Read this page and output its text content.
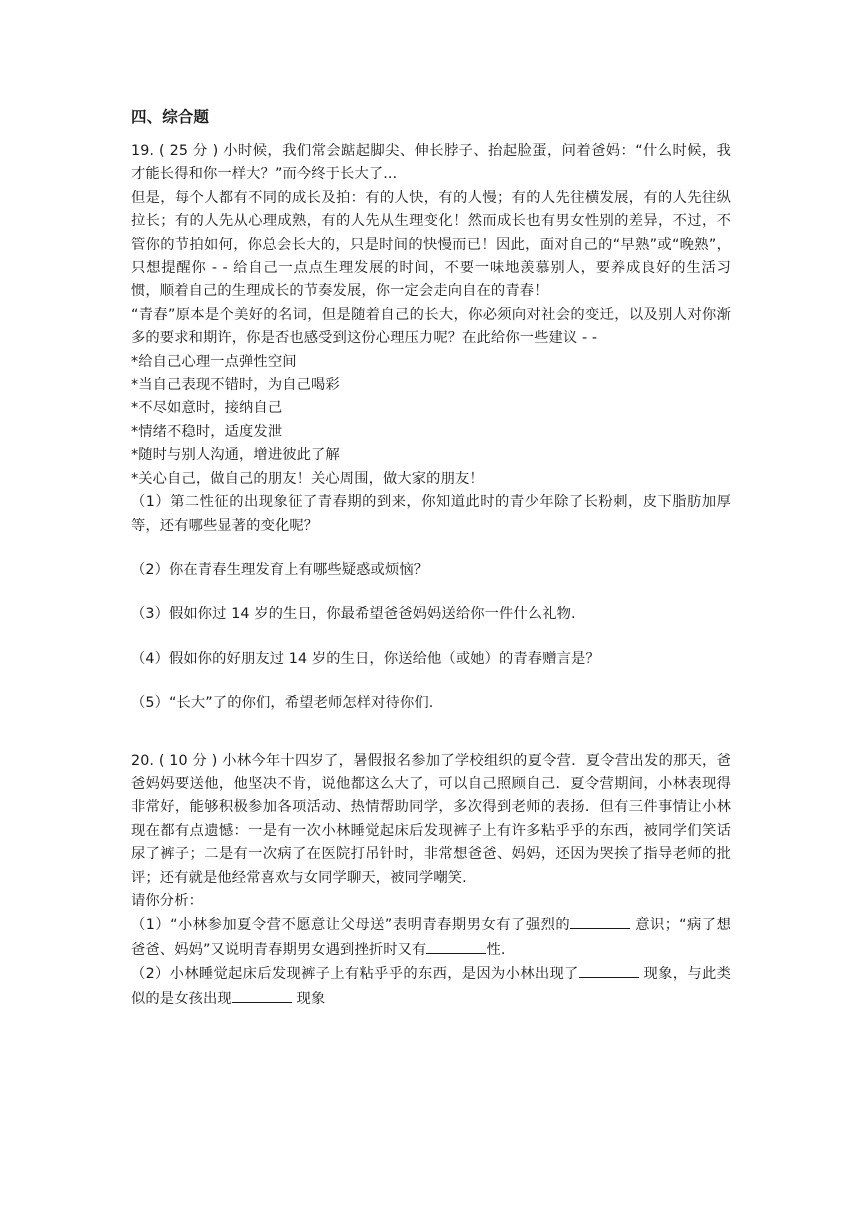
四、综合题

19. ( 25 分 ) 小时候，我们常会踮起脚尖、伸长脖子、抬起脸蛋，问着爸妈：“什么时候，我才能长得和你一样大？”而今终于长大了...

但是，每个人都有不同的成长及拍：有的人快，有的人慢；有的人先往横发展，有的人先往纵拉长；有的人先从心理成熟，有的人先从生理变化！然而成长也有男女性别的差异，不过，不管你的节拍如何，你总会长大的，只是时间的快慢而已！因此，面对自己的“早熟”或“晚熟”，只想提醒你 - - 给自己一点点生理发展的时间，不要一味地羡慕别人，要养成良好的生活习惯，顺着自己的生理成长的节奏发展，你一定会走向自在的青春！

“青春”原本是个美好的名词，但是随着自己的长大，你必须向对社会的变迁，以及别人对你渐多的要求和期许，你是否也感受到这份心理压力呢？在此给你一些建议 - -

*给自己心理一点弹性空间

*当自己表现不错时，为自己喝彩

*不尽如意时，接纳自己

*情绪不稳时，适度发泄

*随时与别人沟通，增进彼此了解

*关心自己，做自己的朋友！关心周围，做大家的朋友！

（1）第二性征的出现象征了青春期的到来，你知道此时的青少年除了长粉刺，皮下脂肪加厚等，还有哪些显著的变化呢？

（2）你在青春生理发育上有哪些疑惑或烦恼？

（3）假如你过 14 岁的生日，你最希望爸爸妈妈送给你一件什么礼物.

（4）假如你的好朋友过 14 岁的生日，你送给他（或她）的青春赠言是？

（5）“长大”了的你们，希望老师怎样对待你们.

20. ( 10 分 ) 小林今年十四岁了，暑假报名参加了学校组织的夏令营．夏令营出发的那天，爸爸妈妈要送他，他坚决不肯，说他都这么大了，可以自己照顾自己．夏令营期间，小林表现得非常好，能够积极参加各项活动、热情帮助同学，多次得到老师的表扬．但有三件事情让小林现在都有点遗憾：一是有一次小林睡觉起床后发现裤子上有许多粘乎乎的东西，被同学们笑话尿了裤子；二是有一次病了在医院打吊针时，非常想爸爸、妈妈，还因为哭挨了指导老师的批评；还有就是他经常喜欢与女同学聊天，被同学嘲笑.

请你分析：

（1）“小林参加夏令营不愿意让父母送”表明青春期男女有了强烈的	意识；“病了想爸爸、妈妈”又说明青春期男女遇到挫折时又有	性.

（2）小林睡觉起床后发现裤子上有粘乎乎的东西，是因为小林出现了	现象，与此类似的是女孩出现	现象
